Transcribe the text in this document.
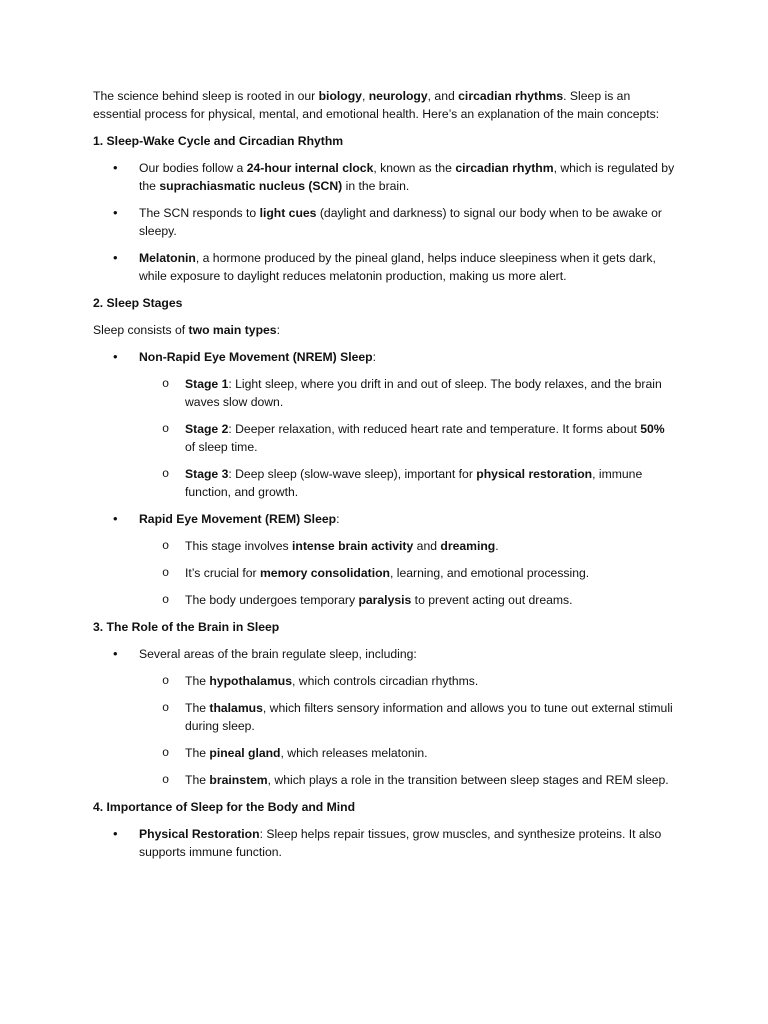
The science behind sleep is rooted in our biology, neurology, and circadian rhythms. Sleep is an essential process for physical, mental, and emotional health. Here’s an explanation of the main concepts:

1. Sleep-Wake Cycle and Circadian Rhythm

• Our bodies follow a 24-hour internal clock, known as the circadian rhythm, which is regulated by the suprachiasmatic nucleus (SCN) in the brain.
• The SCN responds to light cues (daylight and darkness) to signal our body when to be awake or sleepy.
• Melatonin, a hormone produced by the pineal gland, helps induce sleepiness when it gets dark, while exposure to daylight reduces melatonin production, making us more alert.

2. Sleep Stages

Sleep consists of two main types:

• Non-Rapid Eye Movement (NREM) Sleep:
o Stage 1: Light sleep, where you drift in and out of sleep. The body relaxes, and the brain waves slow down.
o Stage 2: Deeper relaxation, with reduced heart rate and temperature. It forms about 50% of sleep time.
o Stage 3: Deep sleep (slow-wave sleep), important for physical restoration, immune function, and growth.
• Rapid Eye Movement (REM) Sleep:
o This stage involves intense brain activity and dreaming.
o It’s crucial for memory consolidation, learning, and emotional processing.
o The body undergoes temporary paralysis to prevent acting out dreams.

3. The Role of the Brain in Sleep

• Several areas of the brain regulate sleep, including:
o The hypothalamus, which controls circadian rhythms.
o The thalamus, which filters sensory information and allows you to tune out external stimuli during sleep.
o The pineal gland, which releases melatonin.
o The brainstem, which plays a role in the transition between sleep stages and REM sleep.

4. Importance of Sleep for the Body and Mind

• Physical Restoration: Sleep helps repair tissues, grow muscles, and synthesize proteins. It also supports immune function.
